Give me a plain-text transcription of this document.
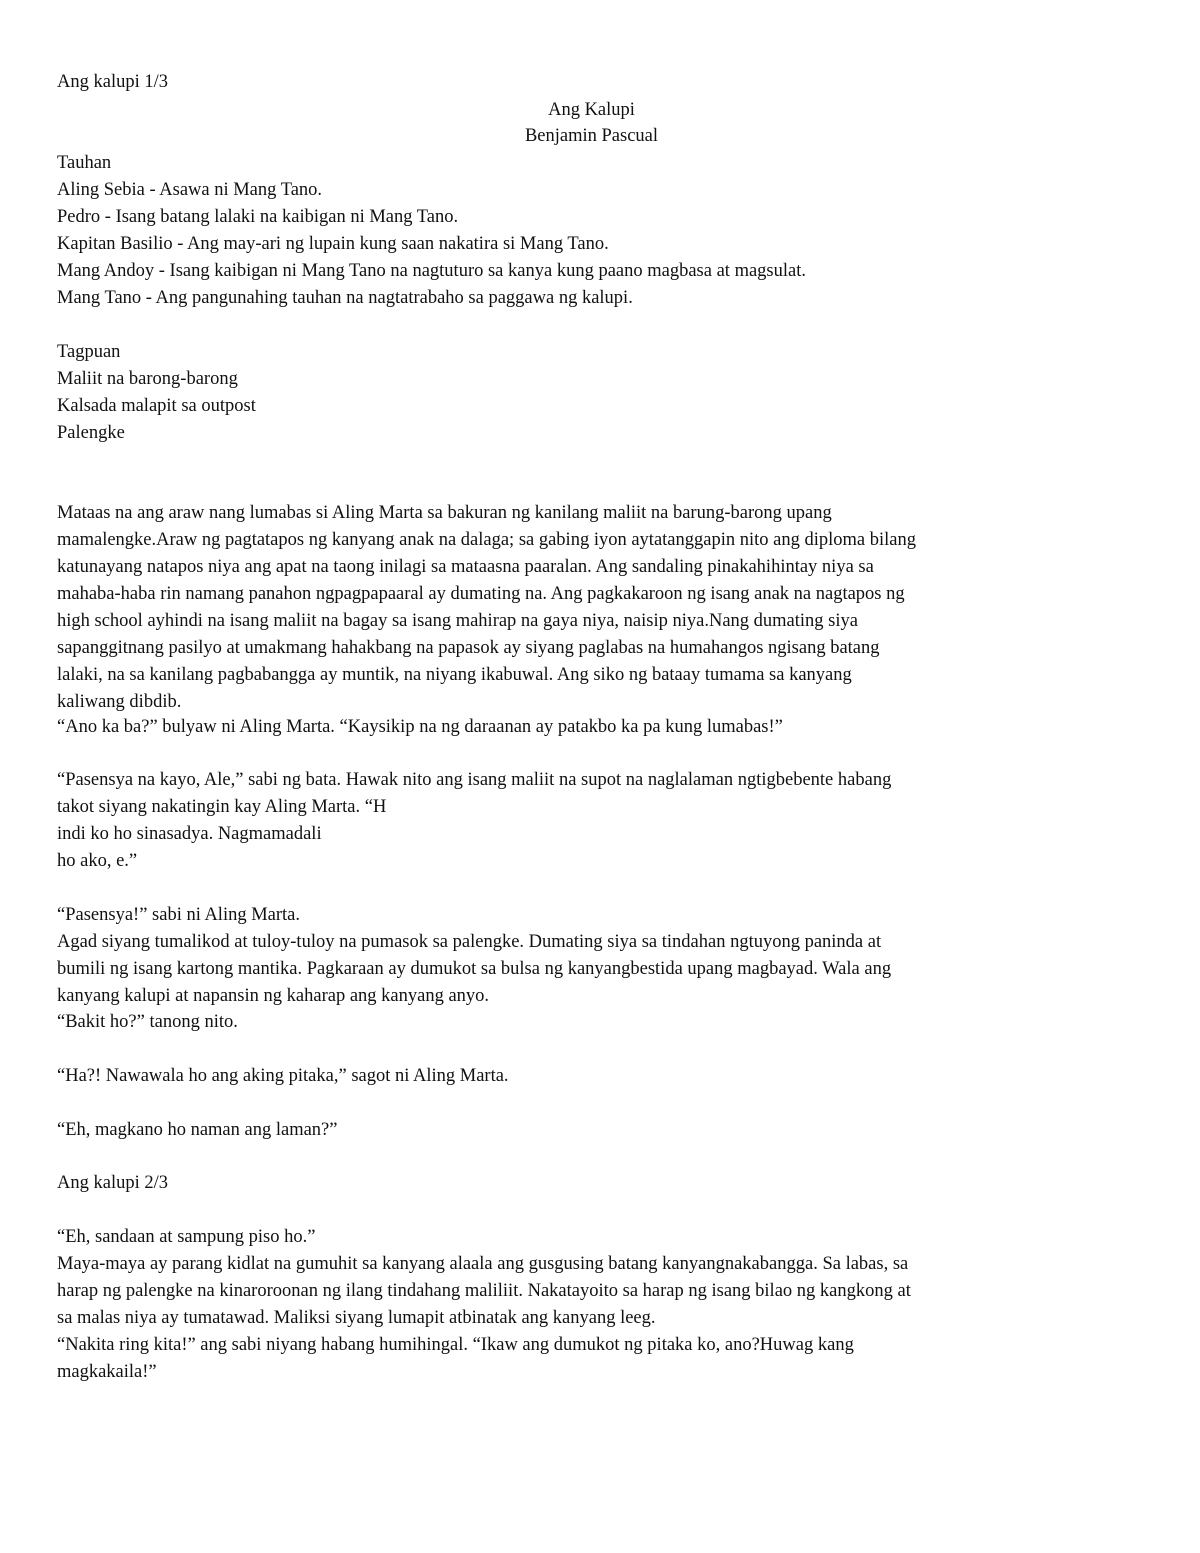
Ang kalupi 1/3

Ang Kalupi

Benjamin Pascual

Tauhan

Aling Sebia - Asawa ni Mang Tano.

Pedro - Isang batang lalaki na kaibigan ni Mang Tano.

Kapitan Basilio - Ang may-ari ng lupain kung saan nakatira si Mang Tano.

Mang Andoy - Isang kaibigan ni Mang Tano na nagtuturo sa kanya kung paano magbasa at magsulat.

Mang Tano - Ang pangunahing tauhan na nagtatrabaho sa paggawa ng kalupi.

Tagpuan

Maliit na barong-barong

Kalsada malapit sa outpost

Palengke

Mataas na ang araw nang lumabas si Aling Marta sa bakuran ng kanilang maliit na barung-barong upang

mamalengke.Araw ng pagtatapos ng kanyang anak na dalaga; sa gabing iyon aytatanggapin nito ang diploma bilang

katunayang natapos niya ang apat na taong inilagi sa mataasna paaralan. Ang sandaling pinakahihintay niya sa

mahaba-haba rin namang panahon ngpagpapaaral ay dumating na. Ang pagkakaroon ng isang anak na nagtapos ng

high school ayhindi na isang maliit na bagay sa isang mahirap na gaya niya, naisip niya.Nang dumating siya

sapanggitnang pasilyo at umakmang hahakbang na papasok ay siyang paglabas na humahangos ngisang batang

lalaki, na sa kanilang pagbabangga ay muntik, na niyang ikabuwal. Ang siko ng bataay tumama sa kanyang

kaliwang dibdib.

“Ano ka ba?” bulyaw ni Aling Marta. “Kaysikip na ng daraanan ay patakbo ka pa kung lumabas!”

“Pasensya na kayo, Ale,” sabi ng bata. Hawak nito ang isang maliit na supot na naglalaman ngtigbebente habang

takot siyang nakatingin kay Aling Marta. “H

indi ko ho sinasadya. Nagmamadali

ho ako, e.”

“Pasensya!” sabi ni Aling Marta.

Agad siyang tumalikod at tuloy-tuloy na pumasok sa palengke. Dumating siya sa tindahan ngtuyong paninda at

bumili ng isang kartong mantika. Pagkaraan ay dumukot sa bulsa ng kanyangbestida upang magbayad. Wala ang

kanyang kalupi at napansin ng kaharap ang kanyang anyo.

“Bakit ho?” tanong nito.

“Ha?! Nawawala ho ang aking pitaka,” sagot ni Aling Marta.

“Eh, magkano ho naman ang laman?”

Ang kalupi 2/3

“Eh, sandaan at sampung piso ho.”

Maya-maya ay parang kidlat na gumuhit sa kanyang alaala ang gusgusing batang kanyangnakabangga. Sa labas, sa

harap ng palengke na kinaroroonan ng ilang tindahang maliliit. Nakatayoito sa harap ng isang bilao ng kangkong at

sa malas niya ay tumatawad. Maliksi siyang lumapit atbinatak ang kanyang leeg.

“Nakita ring kita!” ang sabi niyang habang humihingal. “Ikaw ang dumukot ng pitaka ko, ano?Huwag kang

magkakaila!”
